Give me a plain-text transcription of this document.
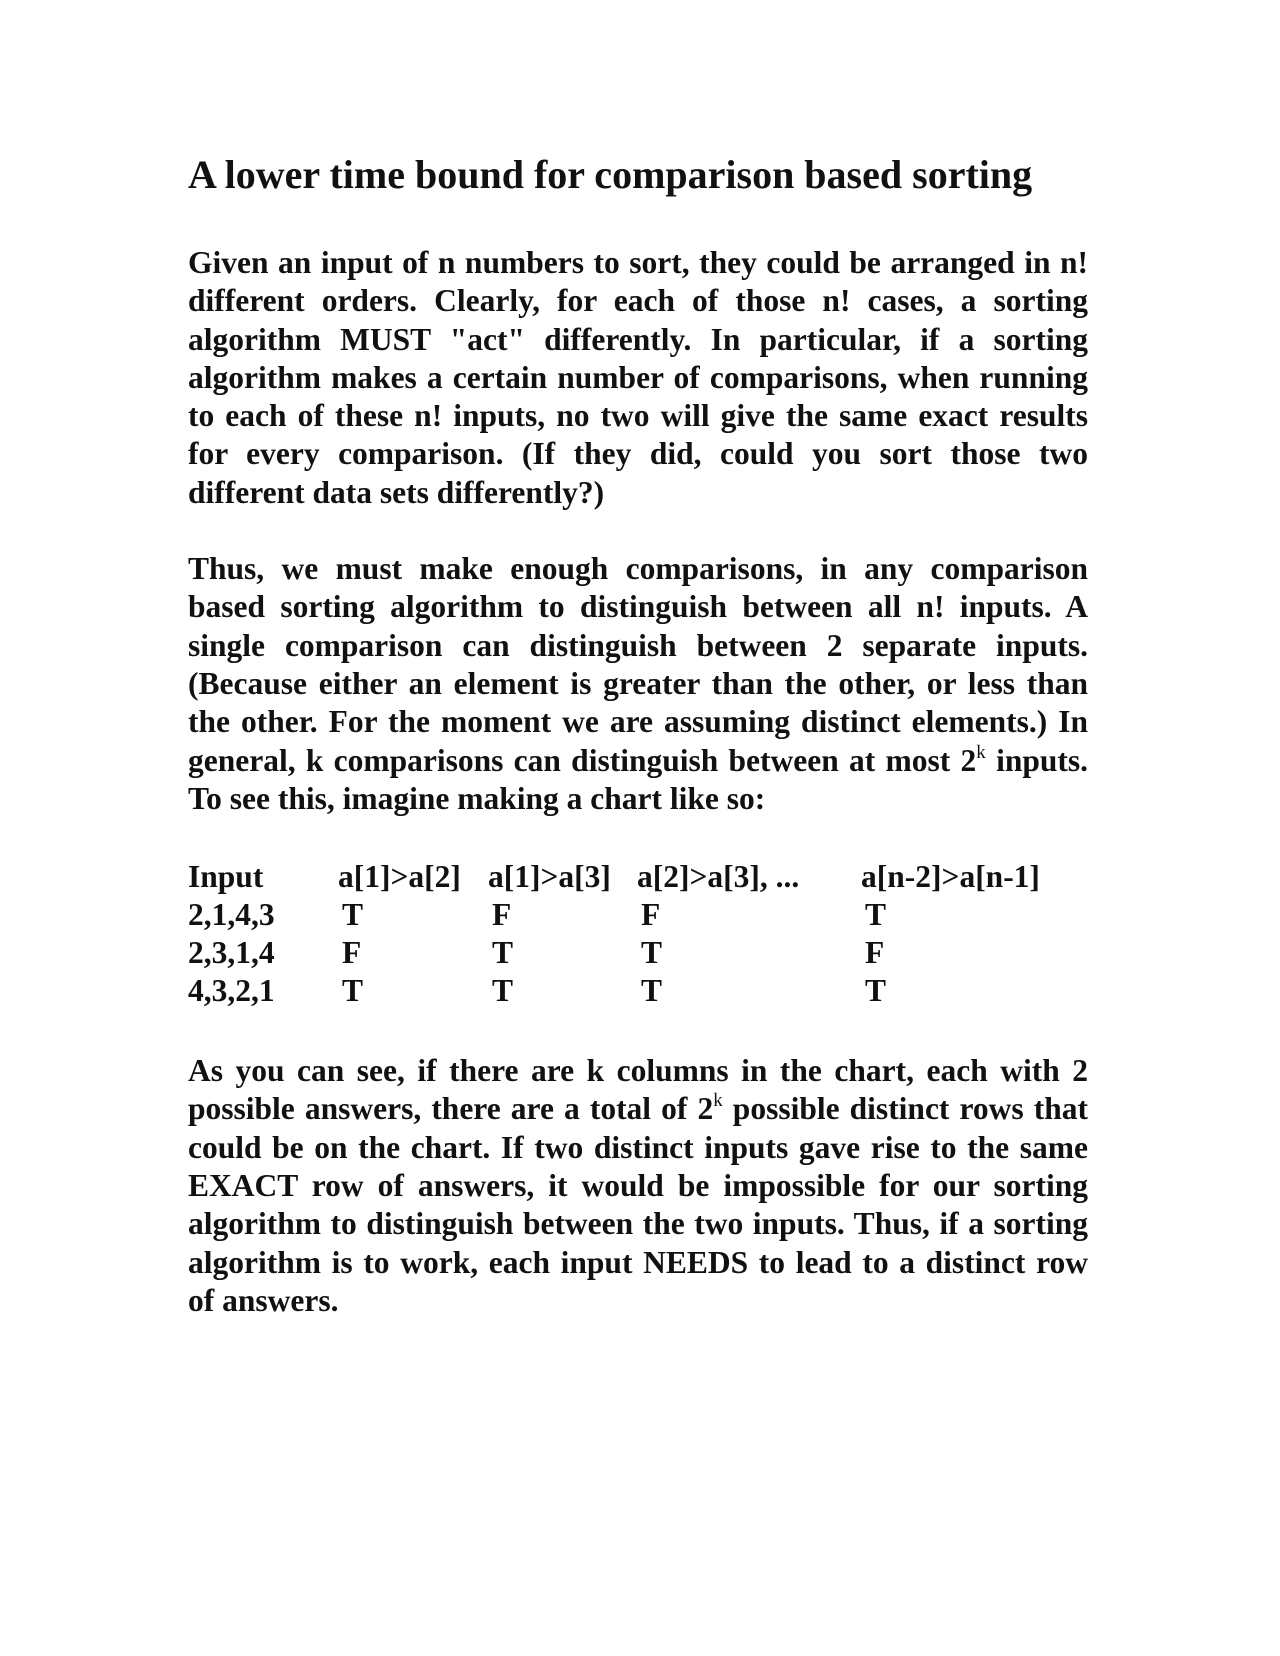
A lower time bound for comparison based sorting

Given an input of n numbers to sort, they could be arranged in n! different orders. Clearly, for each of those n! cases, a sorting algorithm MUST "act" differently. In particular, if a sorting algorithm makes a certain number of comparisons, when running to each of these n! inputs, no two will give the same exact results for every comparison. (If they did, could you sort those two different data sets differently?)

Thus, we must make enough comparisons, in any comparison based sorting algorithm to distinguish between all n! inputs. A single comparison can distinguish between 2 separate inputs. (Because either an element is greater than the other, or less than the other. For the moment we are assuming distinct elements.) In general, k comparisons can distinguish between at most 2$^k$ inputs. To see this, imagine making a chart like so:

Input	a[1]>a[2]	a[1]>a[3]	a[2]>a[3], ...	a[n-2]>a[n-1]
2,1,4,3	T	F	F	T
2,3,1,4	F	T	T	F
4,3,2,1	T	T	T	T

As you can see, if there are k columns in the chart, each with 2 possible answers, there are a total of 2$^k$ possible distinct rows that could be on the chart. If two distinct inputs gave rise to the same EXACT row of answers, it would be impossible for our sorting algorithm to distinguish between the two inputs. Thus, if a sorting algorithm is to work, each input NEEDS to lead to a distinct row of answers.
